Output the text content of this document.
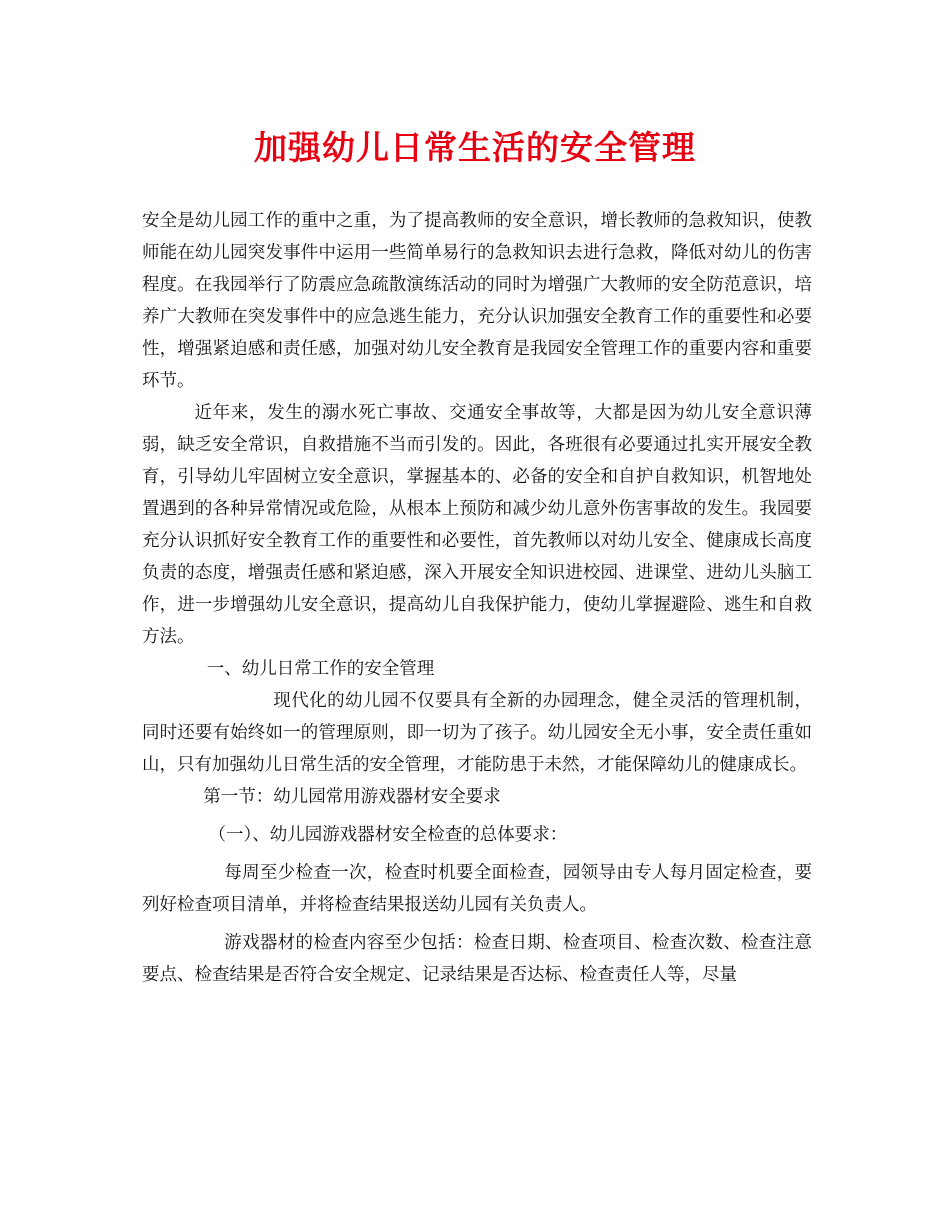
加强幼儿日常生活的安全管理

安全是幼儿园工作的重中之重，为了提高教师的安全意识，增长教师的急救知识，使教师能在幼儿园突发事件中运用一些简单易行的急救知识去进行急救，降低对幼儿的伤害程度。在我园举行了防震应急疏散演练活动的同时为增强广大教师的安全防范意识，培养广大教师在突发事件中的应急逃生能力，充分认识加强安全教育工作的重要性和必要性，增强紧迫感和责任感，加强对幼儿安全教育是我园安全管理工作的重要内容和重要环节。

近年来，发生的溺水死亡事故、交通安全事故等，大都是因为幼儿安全意识薄弱，缺乏安全常识，自救措施不当而引发的。因此，各班很有必要通过扎实开展安全教育，引导幼儿牢固树立安全意识，掌握基本的、必备的安全和自护自救知识，机智地处置遇到的各种异常情况或危险，从根本上预防和减少幼儿意外伤害事故的发生。我园要充分认识抓好安全教育工作的重要性和必要性，首先教师以对幼儿安全、健康成长高度负责的态度，增强责任感和紧迫感，深入开展安全知识进校园、进课堂、进幼儿头脑工作，进一步增强幼儿安全意识，提高幼儿自我保护能力，使幼儿掌握避险、逃生和自救方法。

一、幼儿日常工作的安全管理

现代化的幼儿园不仅要具有全新的办园理念，健全灵活的管理机制，同时还要有始终如一的管理原则，即一切为了孩子。幼儿园安全无小事，安全责任重如山，只有加强幼儿日常生活的安全管理，才能防患于未然，才能保障幼儿的健康成长。

第一节：幼儿园常用游戏器材安全要求

（一）、幼儿园游戏器材安全检查的总体要求：

每周至少检查一次，检查时机要全面检查，园领导由专人每月固定检查，要列好检查项目清单，并将检查结果报送幼儿园有关负责人。

游戏器材的检查内容至少包括：检查日期、检查项目、检查次数、检查注意要点、检查结果是否符合安全规定、记录结果是否达标、检查责任人等，尽量
